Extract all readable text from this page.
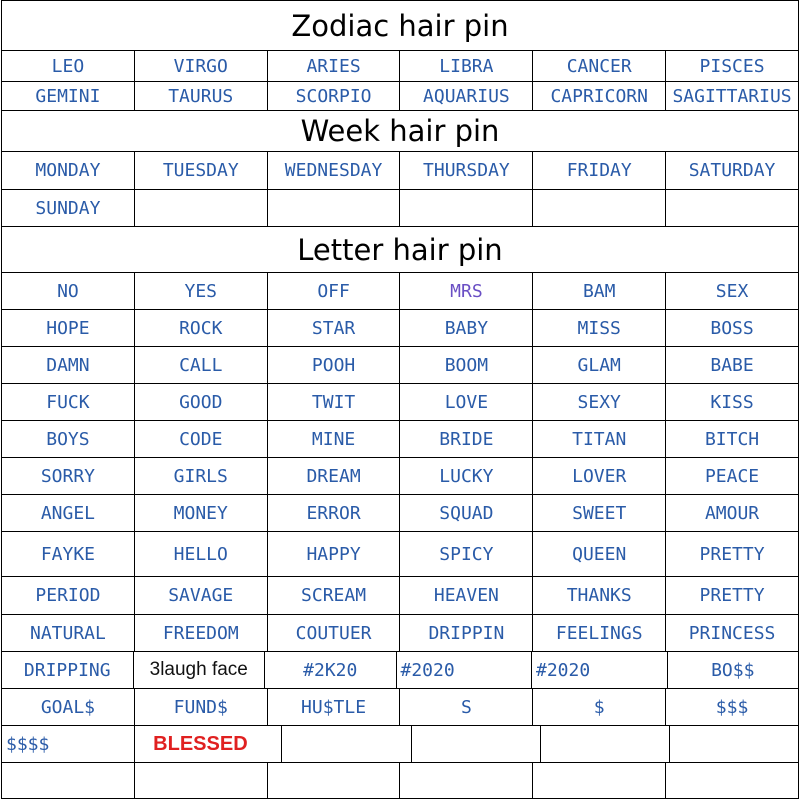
Zodiac hair pin
LEO	VIRGO	ARIES	LIBRA	CANCER	PISCES
GEMINI	TAURUS	SCORPIO	AQUARIUS	CAPRICORN	SAGITTARIUS
Week hair pin
MONDAY	TUESDAY	WEDNESDAY	THURSDAY	FRIDAY	SATURDAY
SUNDAY
Letter hair pin
NO	YES	OFF	MRS	BAM	SEX
HOPE	ROCK	STAR	BABY	MISS	BOSS
DAMN	CALL	POOH	BOOM	GLAM	BABE
FUCK	GOOD	TWIT	LOVE	SEXY	KISS
BOYS	CODE	MINE	BRIDE	TITAN	BITCH
SORRY	GIRLS	DREAM	LUCKY	LOVER	PEACE
ANGEL	MONEY	ERROR	SQUAD	SWEET	AMOUR
FAYKE	HELLO	HAPPY	SPICY	QUEEN	PRETTY
PERIOD	SAVAGE	SCREAM	HEAVEN	THANKS	PRETTY
NATURAL	FREEDOM	COUTUER	DRIPPIN	FEELINGS	PRINCESS
DRIPPING	3laugh face	#2K20	#2020	#2020	BO$$
GOAL$	FUND$	HU$TLE	S	$	$$$
$$$$	BLESSED
